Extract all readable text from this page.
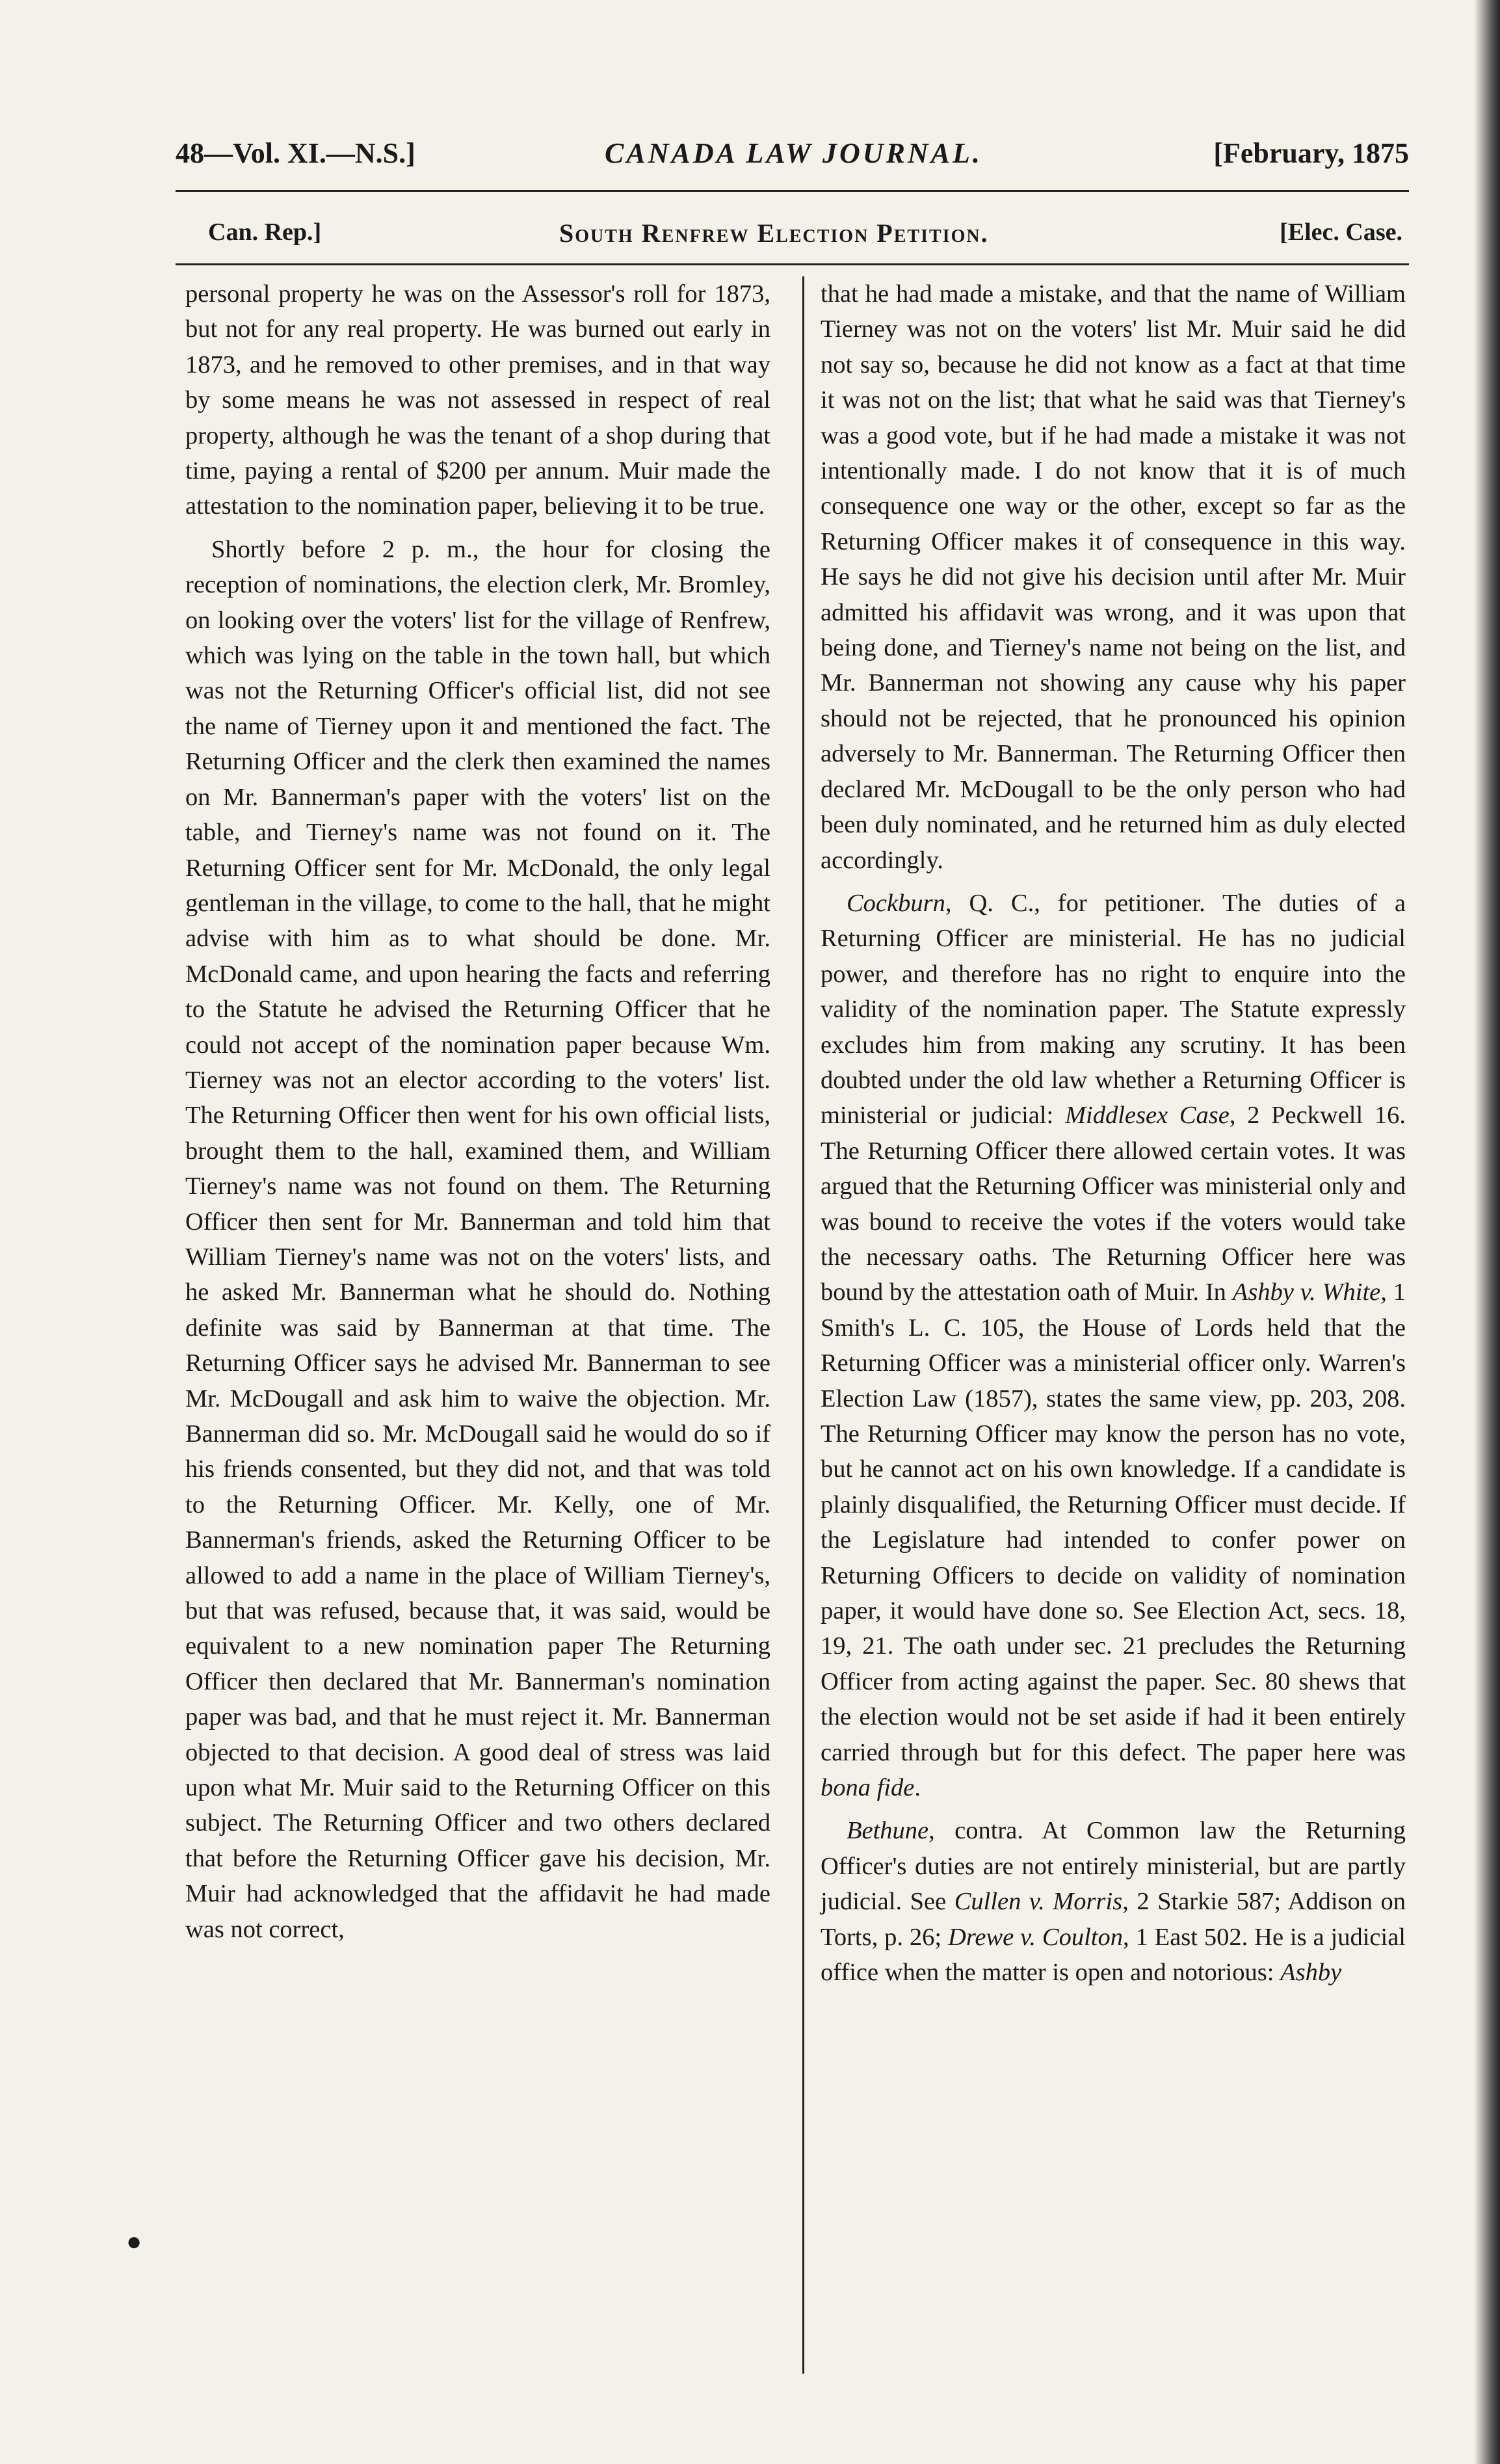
48—Vol. XI.—N.S.]	CANADA LAW JOURNAL.	[February, 1875
Can. Rep.]	South Renfrew Election Petition.	[Elec. Case.

personal property he was on the Assessor's roll for 1873, but not for any real property. He was burned out early in 1873, and he removed to other premises, and in that way by some means he was not assessed in respect of real property, although he was the tenant of a shop during that time, paying a rental of $200 per annum. Muir made the attestation to the nomination paper, believing it to be true.

Shortly before 2 p. m., the hour for closing the reception of nominations, the election clerk, Mr. Bromley, on looking over the voters' list for the village of Renfrew, which was lying on the table in the town hall, but which was not the Returning Officer's official list, did not see the name of Tierney upon it and mentioned the fact. The Returning Officer and the clerk then examined the names on Mr. Bannerman's paper with the voters' list on the table, and Tierney's name was not found on it. The Returning Officer sent for Mr. McDonald, the only legal gentleman in the village, to come to the hall, that he might advise with him as to what should be done. Mr. McDonald came, and upon hearing the facts and referring to the Statute he advised the Returning Officer that he could not accept of the nomination paper because Wm. Tierney was not an elector according to the voters' list. The Returning Officer then went for his own official lists, brought them to the hall, examined them, and William Tierney's name was not found on them. The Returning Officer then sent for Mr. Bannerman and told him that William Tierney's name was not on the voters' lists, and he asked Mr. Bannerman what he should do. Nothing definite was said by Bannerman at that time. The Returning Officer says he advised Mr. Bannerman to see Mr. McDougall and ask him to waive the objection. Mr. Bannerman did so. Mr. McDougall said he would do so if his friends consented, but they did not, and that was told to the Returning Officer. Mr. Kelly, one of Mr. Bannerman's friends, asked the Returning Officer to be allowed to add a name in the place of William Tierney's, but that was refused, because that, it was said, would be equivalent to a new nomination paper The Returning Officer then declared that Mr. Bannerman's nomination paper was bad, and that he must reject it. Mr. Bannerman objected to that decision. A good deal of stress was laid upon what Mr. Muir said to the Returning Officer on this subject. The Returning Officer and two others declared that before the Returning Officer gave his decision, Mr. Muir had acknowledged that the affidavit he had made was not correct,

that he had made a mistake, and that the name of William Tierney was not on the voters' list Mr. Muir said he did not say so, because he did not know as a fact at that time it was not on the list; that what he said was that Tierney's was a good vote, but if he had made a mistake it was not intentionally made. I do not know that it is of much consequence one way or the other, except so far as the Returning Officer makes it of consequence in this way. He says he did not give his decision until after Mr. Muir admitted his affidavit was wrong, and it was upon that being done, and Tierney's name not being on the list, and Mr. Bannerman not showing any cause why his paper should not be rejected, that he pronounced his opinion adversely to Mr. Bannerman. The Returning Officer then declared Mr. McDougall to be the only person who had been duly nominated, and he returned him as duly elected accordingly.

Cockburn, Q. C., for petitioner. The duties of a Returning Officer are ministerial. He has no judicial power, and therefore has no right to enquire into the validity of the nomination paper. The Statute expressly excludes him from making any scrutiny. It has been doubted under the old law whether a Returning Officer is ministerial or judicial: Middlesex Case, 2 Peckwell 16. The Returning Officer there allowed certain votes. It was argued that the Returning Officer was ministerial only and was bound to receive the votes if the voters would take the necessary oaths. The Returning Officer here was bound by the attestation oath of Muir. In Ashby v. White, 1 Smith's L. C. 105, the House of Lords held that the Returning Officer was a ministerial officer only. Warren's Election Law (1857), states the same view, pp. 203, 208. The Returning Officer may know the person has no vote, but he cannot act on his own knowledge. If a candidate is plainly disqualified, the Returning Officer must decide. If the Legislature had intended to confer power on Returning Officers to decide on validity of nomination paper, it would have done so. See Election Act, secs. 18, 19, 21. The oath under sec. 21 precludes the Returning Officer from acting against the paper. Sec. 80 shews that the election would not be set aside if had it been entirely carried through but for this defect. The paper here was bona fide.

Bethune, contra. At Common law the Returning Officer's duties are not entirely ministerial, but are partly judicial. See Cullen v. Morris, 2 Starkie 587; Addison on Torts, p. 26; Drewe v. Coulton, 1 East 502. He is a judicial office when the matter is open and notorious: Ashby

●
